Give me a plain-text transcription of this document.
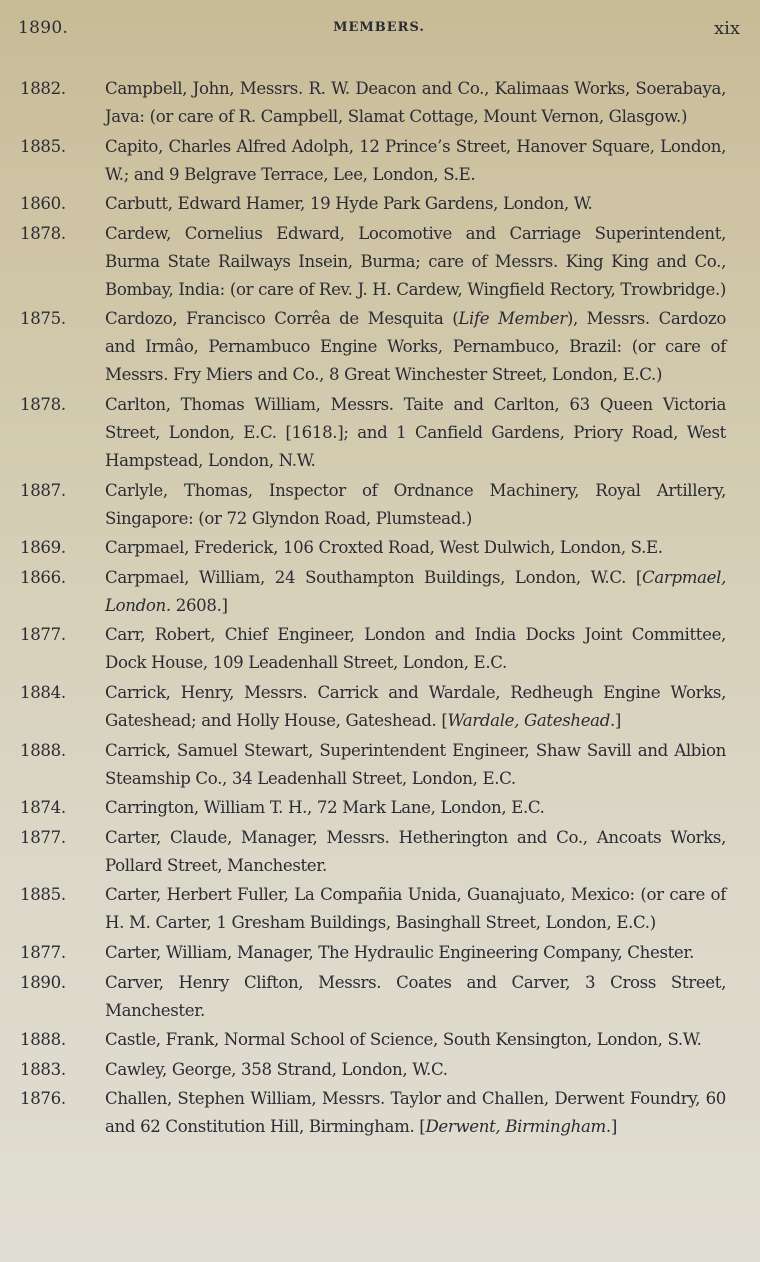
1890.	MEMBERS.	xix
1882.	Campbell, John, Messrs. R. W. Deacon and Co., Kalimaas Works, Soerabaya, Java: (or care of R. Campbell, Slamat Cottage, Mount Vernon, Glasgow.)
1885.	Capito, Charles Alfred Adolph, 12 Prince’s Street, Hanover Square, London, W.; and 9 Belgrave Terrace, Lee, London, S.E.
1860.	Carbutt, Edward Hamer, 19 Hyde Park Gardens, London, W.
1878.	Cardew, Cornelius Edward, Locomotive and Carriage Superintendent, Burma State Railways Insein, Burma; care of Messrs. King King and Co., Bombay, India: (or care of Rev. J. H. Cardew, Wingfield Rectory, Trowbridge.)
1875.	Cardozo, Francisco Corrêa de Mesquita (Life Member), Messrs. Cardozo and Irmâo, Pernambuco Engine Works, Pernambuco, Brazil: (or care of Messrs. Fry Miers and Co., 8 Great Winchester Street, London, E.C.)
1878.	Carlton, Thomas William, Messrs. Taite and Carlton, 63 Queen Victoria Street, London, E.C. [1618.]; and 1 Canfield Gardens, Priory Road, West Hampstead, London, N.W.
1887.	Carlyle, Thomas, Inspector of Ordnance Machinery, Royal Artillery, Singapore: (or 72 Glyndon Road, Plumstead.)
1869.	Carpmael, Frederick, 106 Croxted Road, West Dulwich, London, S.E.
1866.	Carpmael, William, 24 Southampton Buildings, London, W.C. [Carpmael, London. 2608.]
1877.	Carr, Robert, Chief Engineer, London and India Docks Joint Committee, Dock House, 109 Leadenhall Street, London, E.C.
1884.	Carrick, Henry, Messrs. Carrick and Wardale, Redheugh Engine Works, Gateshead; and Holly House, Gateshead. [Wardale, Gateshead.]
1888.	Carrick, Samuel Stewart, Superintendent Engineer, Shaw Savill and Albion Steamship Co., 34 Leadenhall Street, London, E.C.
1874.	Carrington, William T. H., 72 Mark Lane, London, E.C.
1877.	Carter, Claude, Manager, Messrs. Hetherington and Co., Ancoats Works, Pollard Street, Manchester.
1885.	Carter, Herbert Fuller, La Compañia Unida, Guanajuato, Mexico: (or care of H. M. Carter, 1 Gresham Buildings, Basinghall Street, London, E.C.)
1877.	Carter, William, Manager, The Hydraulic Engineering Company, Chester.
1890.	Carver, Henry Clifton, Messrs. Coates and Carver, 3 Cross Street, Manchester.
1888.	Castle, Frank, Normal School of Science, South Kensington, London, S.W.
1883.	Cawley, George, 358 Strand, London, W.C.
1876.	Challen, Stephen William, Messrs. Taylor and Challen, Derwent Foundry, 60 and 62 Constitution Hill, Birmingham. [Derwent, Birmingham.]
